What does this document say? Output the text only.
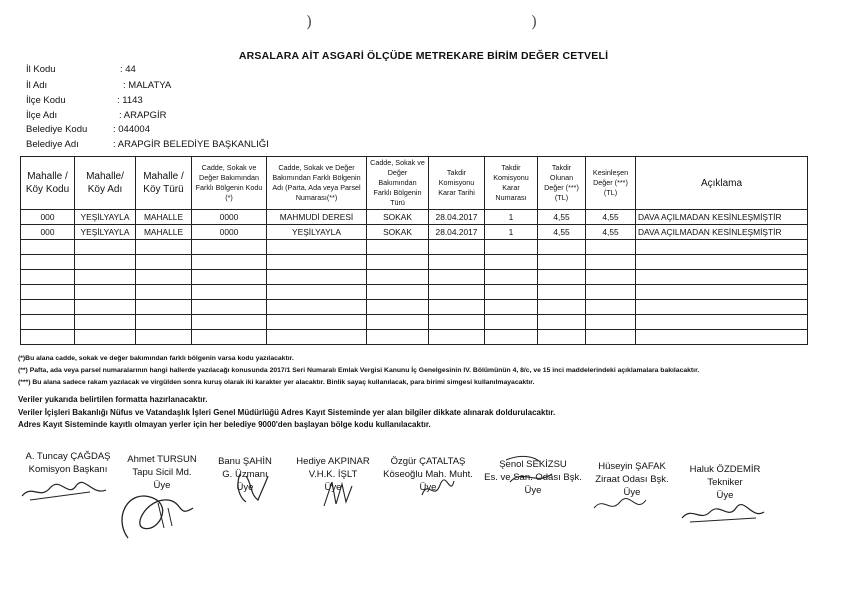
)	)
ARSALARA AİT ASGARİ ÖLÇÜDE METREKARE BİRİM DEĞER CETVELİ
İl Kodu	: 44
İl Adı	: MALATYA
İlçe Kodu	: 1143
İlçe Adı	: ARAPGİR
Belediye Kodu	: 044004
Belediye Adı	: ARAPGİR BELEDİYE BAŞKANLIĞI
Mahalle / Köy Kodu	Mahalle/ Köy Adı	Mahalle / Köy Türü	Cadde, Sokak ve Değer Bakımından Farklı Bölgenin Kodu (*)	Cadde, Sokak ve Değer Bakımından Farklı Bölgenin Adı (Parta, Ada veya Parsel Numarası(**)	Cadde, Sokak ve Değer Bakımından Farklı Bölgenin Türü	Takdir Komisyonu Karar Tarihi	Takdir Komisyonu Karar Numarası	Takdir Olunan Değer (***) (TL)	Kesinleşen Değer (***) (TL)	Açıklama
000	YEŞİLYAYLA	MAHALLE	0000	MAHMUDİ DERESİ	SOKAK	28.04.2017	1	4,55	4,55	DAVA AÇILMADAN KESİNLEŞMİŞTİR
000	YEŞİLYAYLA	MAHALLE	0000	YEŞİLYAYLA	SOKAK	28.04.2017	1	4,55	4,55	DAVA AÇILMADAN KESİNLEŞMİŞTİR

(*)Bu alana cadde, sokak ve değer bakımından farklı bölgenin varsa kodu yazılacaktır.
(**) Pafta, ada veya parsel numaralarının hangi hallerde yazılacağı konusunda 2017/1 Seri Numaralı Emlak Vergisi Kanunu İç Genelgesinin IV. Bölümünün 4, 8/c, ve 15 inci maddelerindeki açıklamalara bakılacaktır.
(***) Bu alana sadece rakam yazılacak ve virgülden sonra kuruş olarak iki karakter yer alacaktır. Binlik sayaç kullanılacak, para birimi simgesi kullanılmayacaktır.
Veriler yukarıda belirtilen formatta hazırlanacaktır.
Veriler İçişleri Bakanlığı Nüfus ve Vatandaşlık İşleri Genel Müdürlüğü Adres Kayıt Sisteminde yer alan bilgiler dikkate alınarak doldurulacaktır.
Adres Kayıt Sisteminde kayıtlı olmayan yerler için her belediye 9000'den başlayan bölge kodu kullanılacaktır.
A. Tuncay ÇAĞDAŞ
Komisyon Başkanı
Ahmet TURSUN
Tapu Sicil Md.
Üye
Banu ŞAHİN
G. Üzmanı
Üye
Hediye AKPINAR
V.H.K. İŞLT
Üye
Özgür ÇATALTAŞ
Köseoğlu Mah. Muht.
Üye
Şenol SEKİZSU
Es. ve San. Odası Bşk.
Üye
Hüseyin ŞAFAK
Ziraat Odası Bşk.
Üye
Haluk ÖZDEMİR
Tekniker
Üye
